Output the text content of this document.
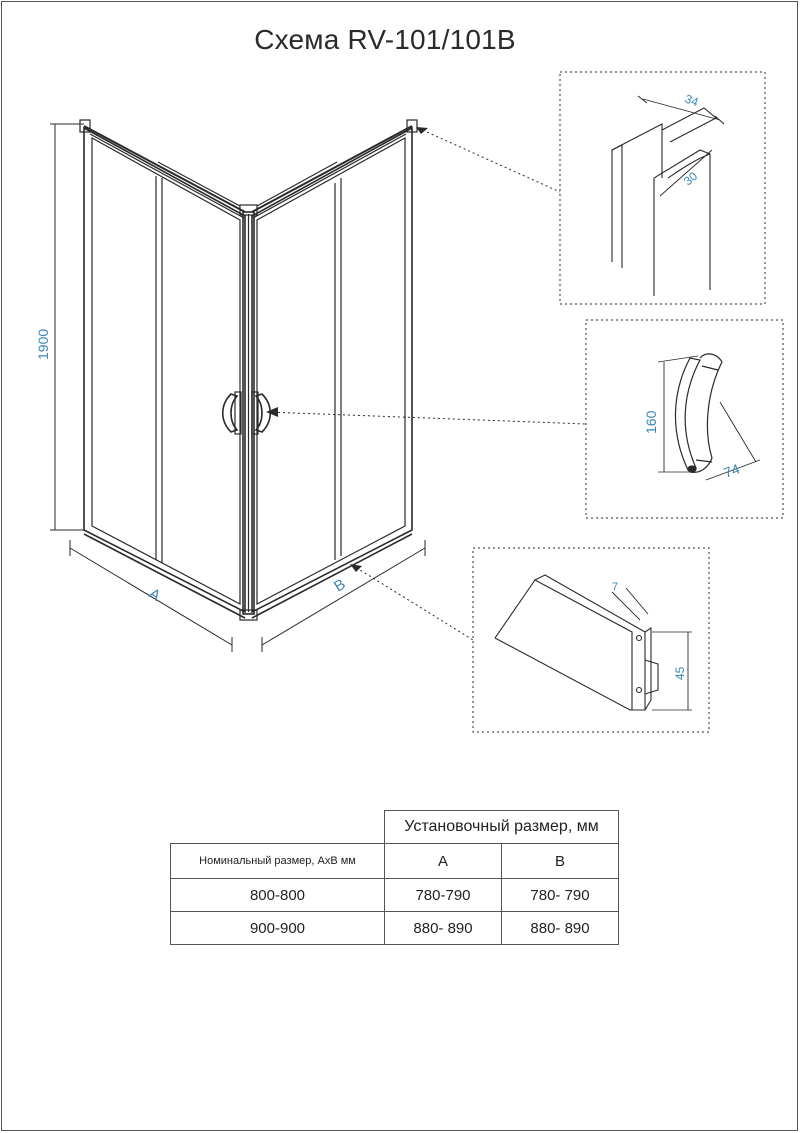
Схема RV-101/101B
1900
A	B
34
30
160
74
7
45
	Установочный размер, мм	
Номинальный размер, АхВ мм	A	B
800-800	780-790	780- 790
900-900	880- 890	880- 890
